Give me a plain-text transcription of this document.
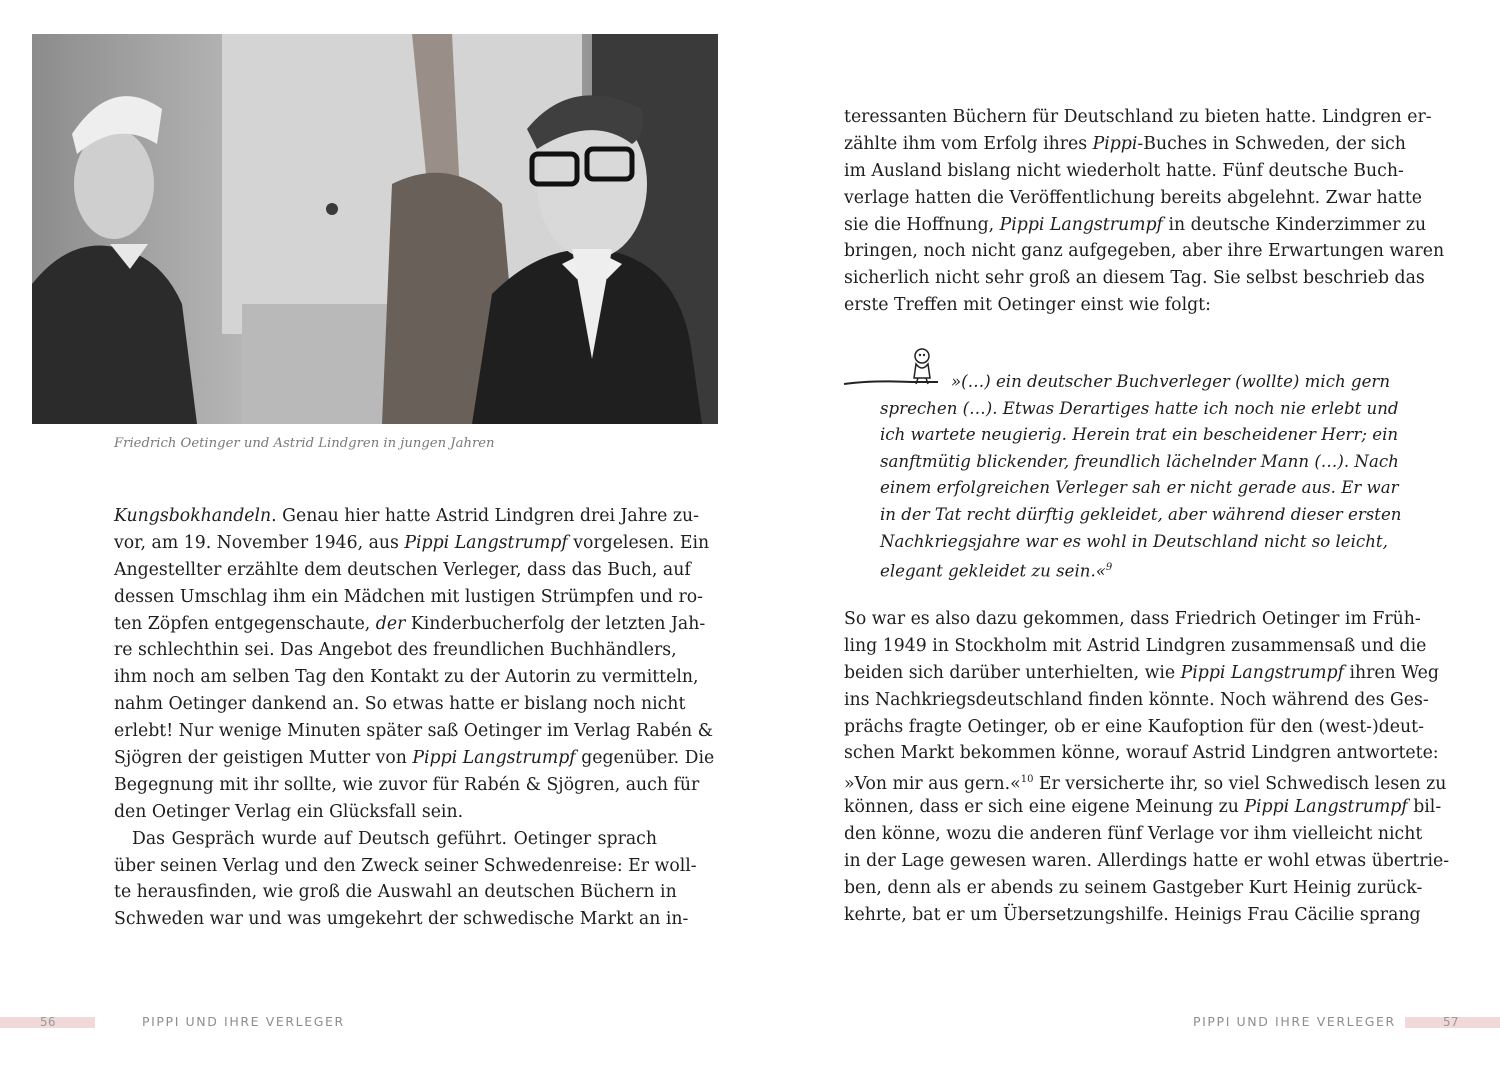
Friedrich Oetinger und Astrid Lindgren in jungen Jahren
Kungsbokhandeln. Genau hier hatte Astrid Lindgren drei Jahre zu-
vor, am 19. November 1946, aus Pippi Langstrumpf vorgelesen. Ein
Angestellter erzählte dem deutschen Verleger, dass das Buch, auf
dessen Umschlag ihm ein Mädchen mit lustigen Strümpfen und ro-
ten Zöpfen entgegenschaute, der Kinderbucherfolg der letzten Jah-
re schlechthin sei. Das Angebot des freundlichen Buchhändlers,
ihm noch am selben Tag den Kontakt zu der Autorin zu vermitteln,
nahm Oetinger dankend an. So etwas hatte er bislang noch nicht
erlebt! Nur wenige Minuten später saß Oetinger im Verlag Rabén &
Sjögren der geistigen Mutter von Pippi Langstrumpf gegenüber. Die
Begegnung mit ihr sollte, wie zuvor für Rabén & Sjögren, auch für
den Oetinger Verlag ein Glücksfall sein.
Das Gespräch wurde auf Deutsch geführt. Oetinger sprach
über seinen Verlag und den Zweck seiner Schwedenreise: Er woll-
te herausfinden, wie groß die Auswahl an deutschen Büchern in
Schweden war und was umgekehrt der schwedische Markt an in-
56	PIPPI UND IHRE VERLEGER
teressanten Büchern für Deutschland zu bieten hatte. Lindgren er-
zählte ihm vom Erfolg ihres Pippi-Buches in Schweden, der sich
im Ausland bislang nicht wiederholt hatte. Fünf deutsche Buch-
verlage hatten die Veröffentlichung bereits abgelehnt. Zwar hatte
sie die Hoffnung, Pippi Langstrumpf in deutsche Kinderzimmer zu
bringen, noch nicht ganz aufgegeben, aber ihre Erwartungen waren
sicherlich nicht sehr groß an diesem Tag. Sie selbst beschrieb das
erste Treffen mit Oetinger einst wie folgt:
»(…) ein deutscher Buchverleger (wollte) mich gern
sprechen (…). Etwas Derartiges hatte ich noch nie erlebt und
ich wartete neugierig. Herein trat ein bescheidener Herr; ein
sanftmütig blickender, freundlich lächelnder Mann (…). Nach
einem erfolgreichen Verleger sah er nicht gerade aus. Er war
in der Tat recht dürftig gekleidet, aber während dieser ersten
Nachkriegsjahre war es wohl in Deutschland nicht so leicht,
elegant gekleidet zu sein.«$^9$
So war es also dazu gekommen, dass Friedrich Oetinger im Früh-
ling 1949 in Stockholm mit Astrid Lindgren zusammensaß und die
beiden sich darüber unterhielten, wie Pippi Langstrumpf ihren Weg
ins Nachkriegsdeutschland finden könnte. Noch während des Ges-
prächs fragte Oetinger, ob er eine Kaufoption für den (west-)deut-
schen Markt bekommen könne, worauf Astrid Lindgren antwortete:
»Von mir aus gern.«$^{10}$ Er versicherte ihr, so viel Schwedisch lesen zu
können, dass er sich eine eigene Meinung zu Pippi Langstrumpf bil-
den könne, wozu die anderen fünf Verlage vor ihm vielleicht nicht
in der Lage gewesen waren. Allerdings hatte er wohl etwas übertrie-
ben, denn als er abends zu seinem Gastgeber Kurt Heinig zurück-
kehrte, bat er um Übersetzungshilfe. Heinigs Frau Cäcilie sprang
PIPPI UND IHRE VERLEGER	57
